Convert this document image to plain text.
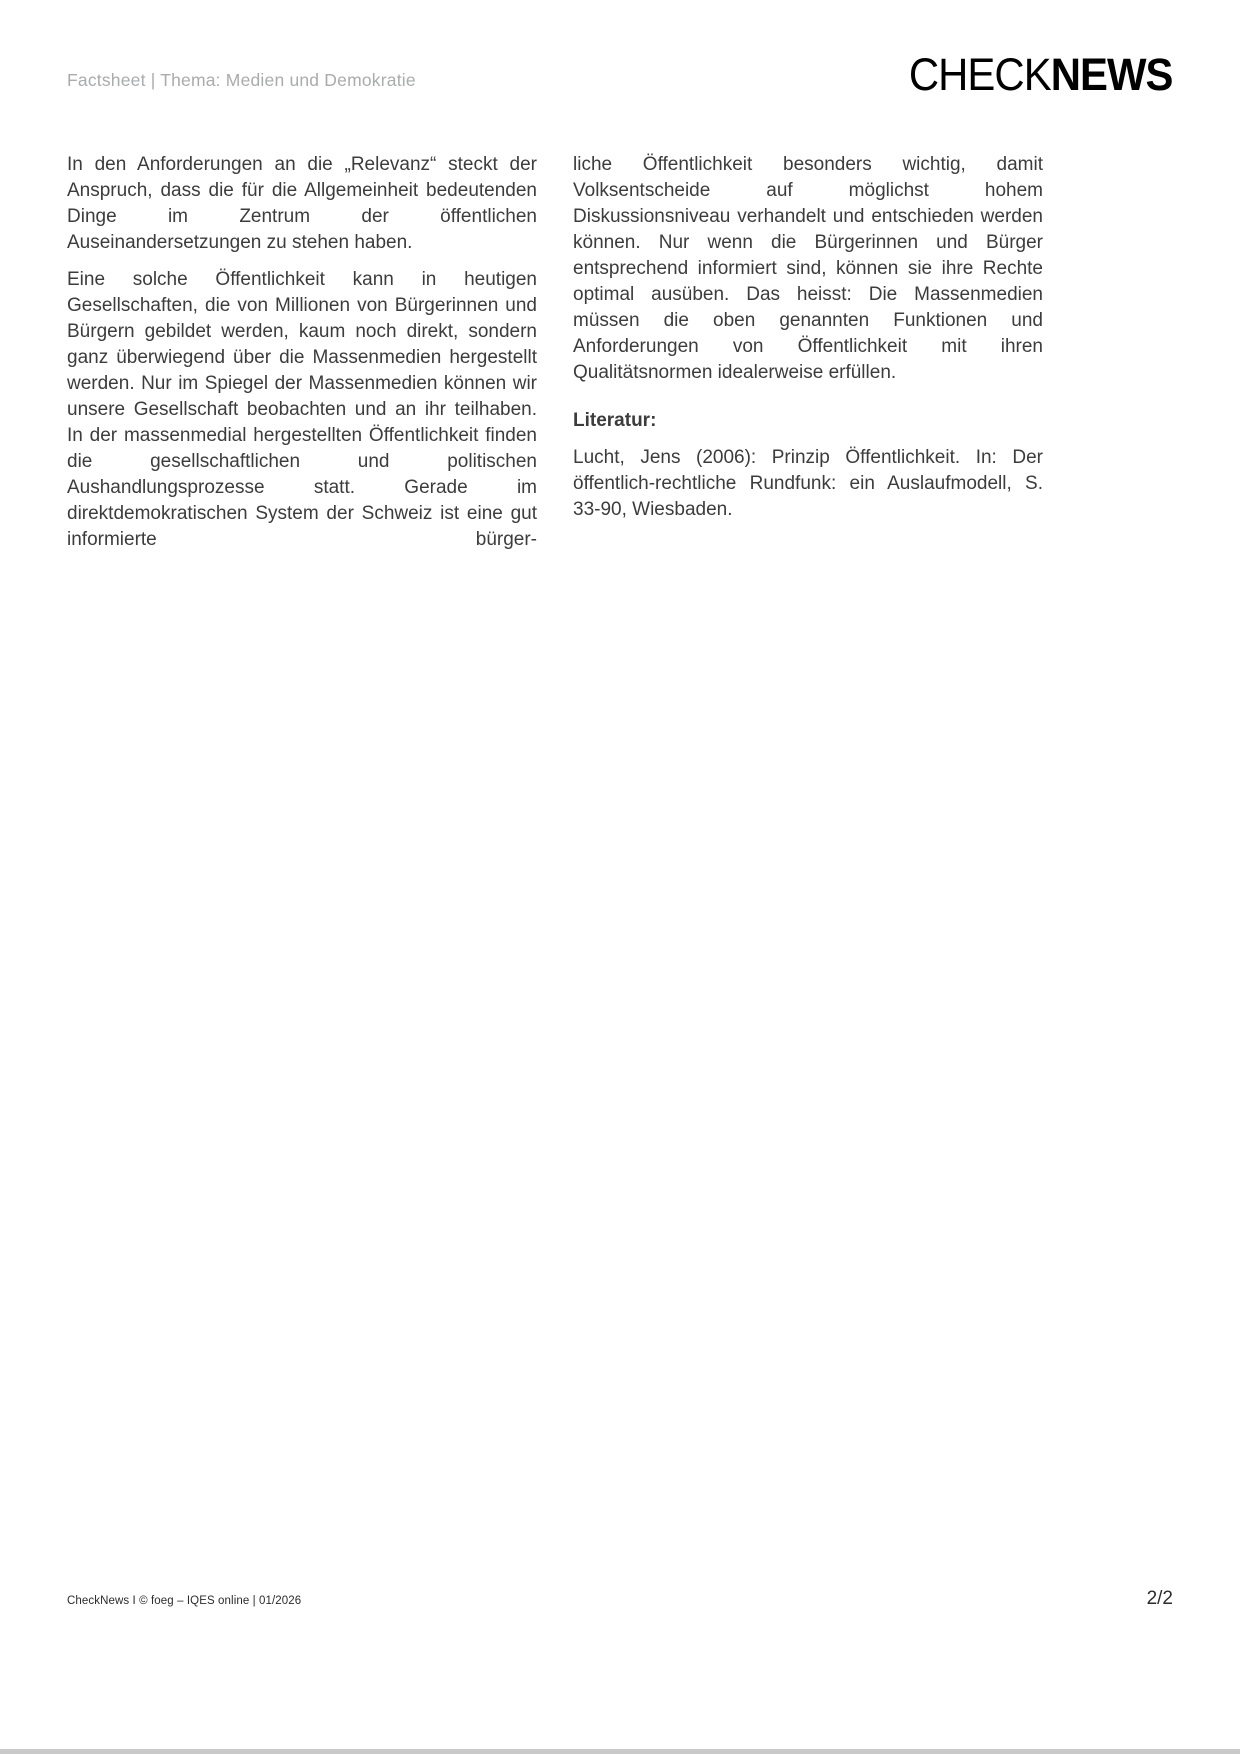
Factsheet | Thema: Medien und Demokratie	CHECKNEWS

In den Anforderungen an die „Relevanz“ steckt der Anspruch, dass die für die Allgemeinheit bedeutenden Dinge im Zentrum der öffentlichen Auseinandersetzungen zu stehen haben.

Eine solche Öffentlichkeit kann in heutigen Gesellschaften, die von Millionen von Bürgerinnen und Bürgern gebildet werden, kaum noch direkt, sondern ganz überwiegend über die Massenmedien hergestellt werden. Nur im Spiegel der Massenmedien können wir unsere Gesellschaft beobachten und an ihr teilhaben. In der massenmedial hergestellten Öffentlichkeit finden die gesellschaftlichen und politischen Aushandlungsprozesse statt. Gerade im direktdemokratischen System der Schweiz ist eine gut informierte bürger-

liche Öffentlichkeit besonders wichtig, damit Volksentscheide auf möglichst hohem Diskussionsniveau verhandelt und entschieden werden können. Nur wenn die Bürgerinnen und Bürger entsprechend informiert sind, können sie ihre Rechte optimal ausüben. Das heisst: Die Massenmedien müssen die oben genannten Funktionen und Anforderungen von Öffentlichkeit mit ihren Qualitätsnormen idealerweise erfüllen.

Literatur:

Lucht, Jens (2006): Prinzip Öffentlichkeit. In: Der öffentlich-rechtliche Rundfunk: ein Auslaufmodell, S. 33-90, Wiesbaden.

CheckNews I © foeg – IQES online | 01/2026	2/2
